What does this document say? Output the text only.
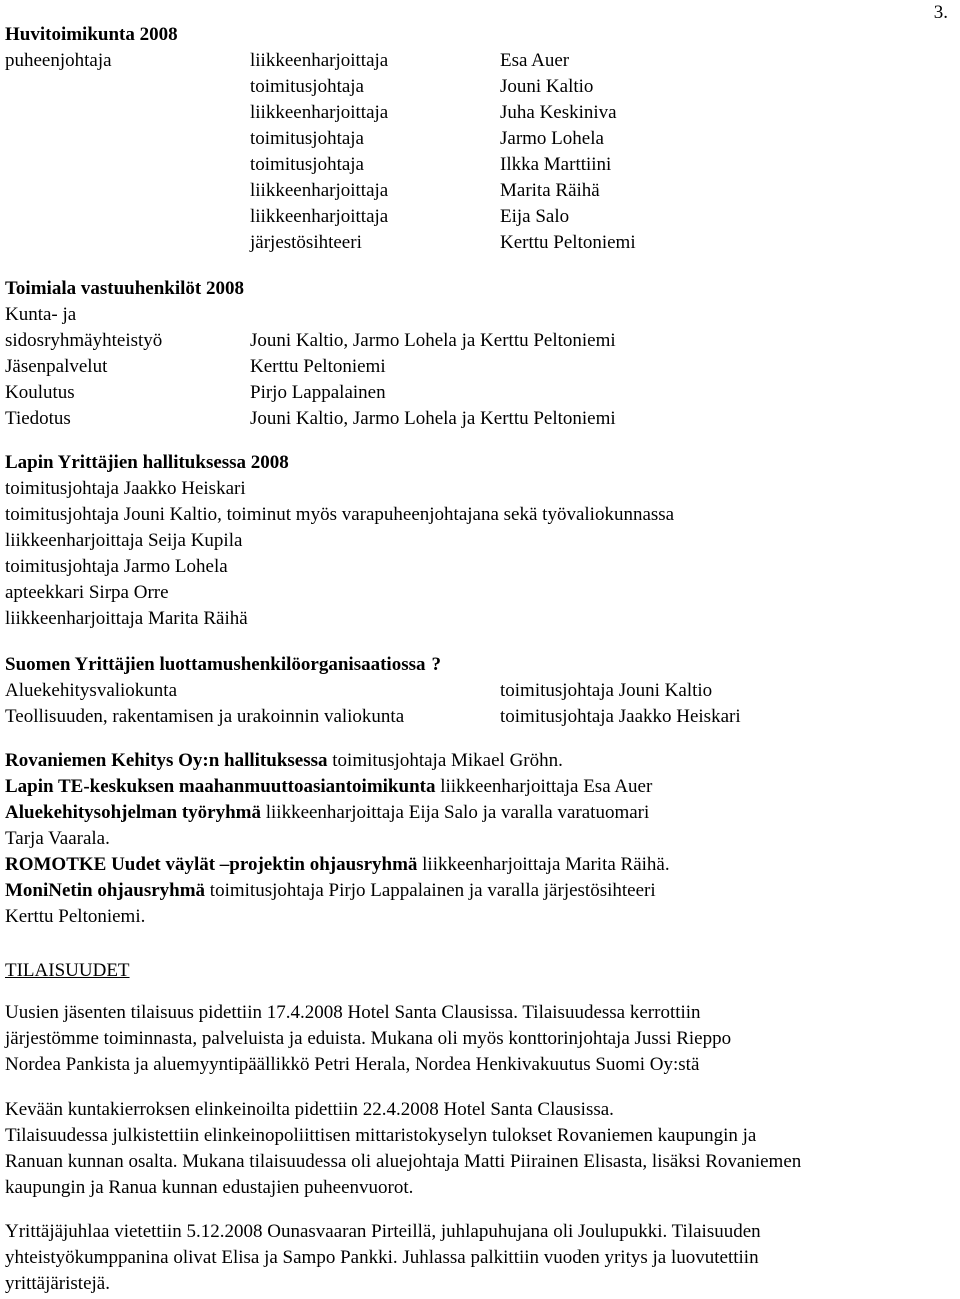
3.
Huvitoimikunta 2008
puheenjohtaja	liikkeenharjoittaja
toimitusjohtaja
liikkeenharjoittaja
toimitusjohtaja
toimitusjohtaja
liikkeenharjoittaja
liikkeenharjoittaja
järjestösihteeri
Esa Auer
Jouni Kaltio
Juha Keskiniva
Jarmo Lohela
Ilkka Marttiini
Marita Räihä
Eija Salo
Kerttu Peltoniemi
Toimiala vastuuhenkilöt 2008
Kunta- ja
sidosryhmäyhteistyö
Jäsenpalvelut
Koulutus
Tiedotus
Jouni Kaltio, Jarmo Lohela ja Kerttu Peltoniemi
Kerttu Peltoniemi
Pirjo Lappalainen
Jouni Kaltio, Jarmo Lohela ja Kerttu Peltoniemi
Lapin Yrittäjien hallituksessa 2008
toimitusjohtaja Jaakko Heiskari
toimitusjohtaja Jouni Kaltio, toiminut myös varapuheenjohtajana sekä työvaliokunnassa
liikkeenharjoittaja Seija Kupila
toimitusjohtaja Jarmo Lohela
apteekkari Sirpa Orre
liikkeenharjoittaja Marita Räihä
Suomen Yrittäjien luottamushenkilöorganisaatiossa ?
Aluekehitysvaliokunta
Teollisuuden, rakentamisen ja urakoinnin valiokunta
toimitusjohtaja Jouni Kaltio
toimitusjohtaja Jaakko Heiskari
Rovaniemen Kehitys Oy:n hallituksessa toimitusjohtaja Mikael Gröhn.
Lapin TE-keskuksen maahanmuuttoasiantoimikunta liikkeenharjoittaja Esa Auer
Aluekehitysohjelman työryhmä liikkeenharjoittaja Eija Salo ja varalla varatuomari
Tarja Vaarala.
ROMOTKE Uudet väylät –projektin ohjausryhmä liikkeenharjoittaja Marita Räihä.
MoniNetin ohjausryhmä toimitusjohtaja Pirjo Lappalainen ja varalla järjestösihteeri
Kerttu Peltoniemi.
TILAISUUDET
Uusien jäsenten tilaisuus pidettiin 17.4.2008 Hotel Santa Clausissa. Tilaisuudessa kerrottiin
järjestömme toiminnasta, palveluista ja eduista. Mukana oli myös konttorinjohtaja Jussi Rieppo
Nordea Pankista ja aluemyyntipäällikkö Petri Herala, Nordea Henkivakuutus Suomi Oy:stä
Kevään kuntakierroksen elinkeinoilta pidettiin 22.4.2008 Hotel Santa Clausissa.
Tilaisuudessa julkistettiin elinkeinopoliittisen mittaristokyselyn tulokset Rovaniemen kaupungin ja
Ranuan kunnan osalta. Mukana tilaisuudessa oli aluejohtaja Matti Piirainen Elisasta, lisäksi Rovaniemen
kaupungin ja Ranua kunnan edustajien puheenvuorot.
Yrittäjäjuhlaa vietettiin 5.12.2008 Ounasvaaran Pirteillä, juhlapuhujana oli Joulupukki. Tilaisuuden
yhteistyökumppanina olivat Elisa ja Sampo Pankki. Juhlassa palkittiin vuoden yritys ja luovutettiin
yrittäjäristejä.
